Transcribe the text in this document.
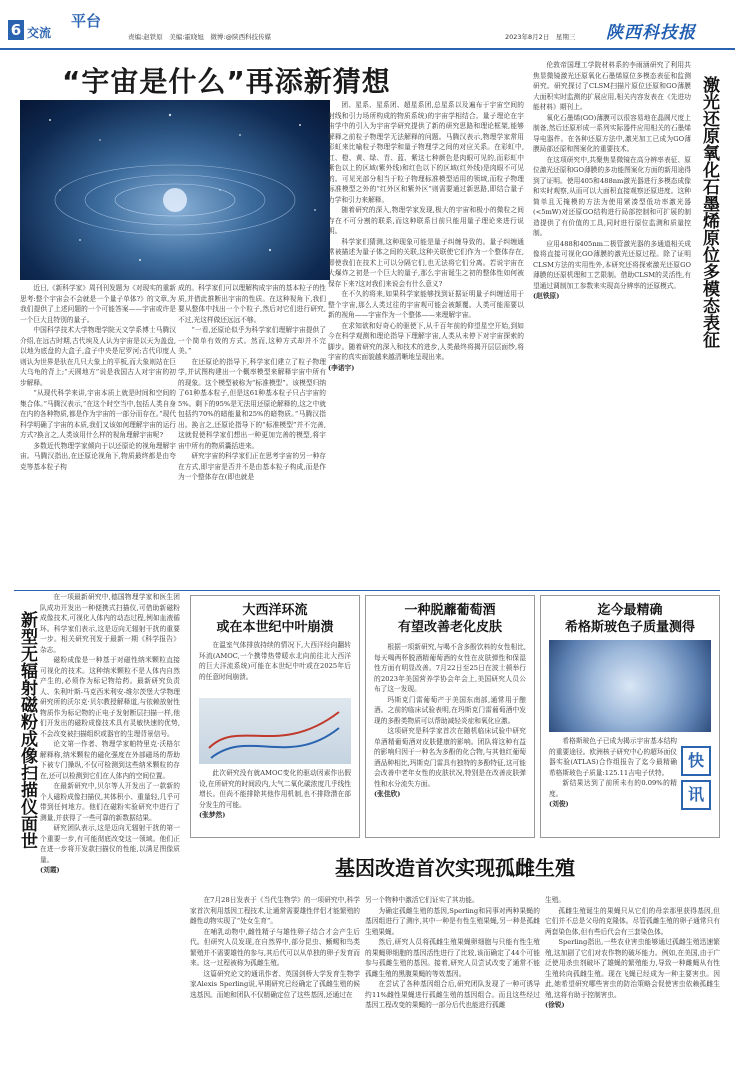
6 交流
平台
责编:赵铁原　美编:霍晓旭　微博:@陕西科技传媒	2023年8月2日　星期三 陕西科技报
“宇宙是什么”再添新猜想

团、星系、星系团、超星系团,总星系以及遍布于宇宙空间的射线和引力场所构成的物质系统)的宇宙学相结合。量子理论在宇宙学中的引入为宇宙学研究提供了新的研究思路和理论框架,能够解释之前粒子物理学无法解释的问题。马腾汉表示,物理学家常用彩虹来比喻粒子物理学和量子物理学之间的对应关系。在彩虹中,红、橙、黄、绿、青、蓝、紫这七种颜色是肉眼可见的,而彩虹中紫色以上的区域(紫外线)和红色以下的区域(红外线)是肉眼不可见的。可见光部分相当于粒子物理标准模型适用的领域,而粒子物理标准模型之外的“红外区和紫外区”则需要通过新思路,即结合量子力学和引力来解释。

随着研究的深入,物理学家发现,极大的宇宙和极小的微粒之间存在不可分割的联系,而这种联系目前只能用量子理论来进行说明。

科学家们猜测,这种现象可能是量子纠缠导致的。量子纠缠通常被描述为量子体之间的关联,这种关联使它们作为一个整体存在,即使我们在技术上可以分隔它们,也无法将它们分离。若说宇宙在大爆炸之初是一个巨大的量子,那么宇宙诞生之初的整体性如何被保存下来?这对我们来说会有什么意义?

在不久的将来,如果科学家能够找到证据证明量子纠缠适用于整个宇宙,那么人类过往的宇宙观可能会被颠覆。人类可能需要以新的视角——宇宙作为一个整体——来理解宇宙。

在求知欲和好奇心的驱使下,从千百年前的仰望星空开始,到如今在科学观测和理论指导下理解宇宙,人类从未停下对宇宙探索的脚步。随着研究的深入和技术的进步,人类最终将揭开层层面纱,将宇宙的真实面貌越来越清晰地呈现出来。

(李诺宇)

近日,《新科学家》周刊刊发题为《对现实的重新思考:整个宇宙会不会就是一个量子单体?》的文章,为我们提供了上述问题的一个可能答案——宇宙或许是一个巨大且特别的量子。

中国科学技术大学物理学院天文学系博士马腾汉介绍,在远古时期,古代埃及人认为宇宙是以天为盖盘,以地为底盘的大盒子,盒子中央是尼罗河;古代印度人则认为世界是驮在几只大象上的平板,而大象则站在巨大乌龟的背上;“天圆地方”说是我国古人对宇宙的初步解释。

“从现代科学来讲,宇宙本质上就是时间和空间的集合体。”马腾汉表示,“在这个时空当中,包括人类自身在内的各种物质,都是作为宇宙的一部分而存在。”现代科学明确了宇宙的本质,我们又该如何理解宇宙的运行方式?换言之,人类该用什么样的视角理解宇宙呢?

多数近代物理学家倾向于以还原论的视角理解宇宙。马腾汉指出,在还原论视角下,物质最终都是由夸克等基本粒子构

成的。科学家们可以理解构成宇宙的基本粒子的性质,并借此推断出宇宙的性质。在这种视角下,我们要从整体中找出一个个粒子,然后对它们进行研究,不过,光这样做还远远不够。

“一看,还原论似乎为科学家们理解宇宙提供了一个简单有效的方式。然而,这种方式却并不完美。”

在还原论的指导下,科学家们建立了粒子物理学,并试图构建出一个概率模型来解释宇宙中所有的现象。这个模型被称为“标准模型”。该模型归纳了61种基本粒子,但是这61种基本粒子只占宇宙的5%。剩下的95%是无法用还原论解释的,这之中就包括约70%的暗能量和25%的暗物质。”马腾汉指出。换言之,还原论指导下的“标准模型”并不完善,这就促使科学家们想出一种更加完善的模型,将宇宙中所有的物质囊括进来。

研究宇宙的科学家们正在思考宇宙的另一种存在方式,即宇宙是否并不是由基本粒子构成,而是作为一个整体存在(即也就是

伦敦帝国理工学院材料系的李雨涵研究了利用共焦显微镜激光还原氧化石墨烯原位多模态表征和监测研究。研究探讨了CLSM扫描片原位还原和GO薄膜大面积实时监测的扩展应用,相关内容发表在《先进功能材料》期刊上。

氧化石墨烯(GO)薄膜可以很容易地在晶圆尺度上制备,然后还原形成一系列实际器件应用相关的石墨烯导电器件。在各种还原方法中,激光加工已成为GO薄膜局部还原和图案化的重要技术。

在这项研究中,共聚焦显微镜在高分辨率表征、原位激光还原和GO薄膜的多功能图案化方面的新用途得到了证明。使用405和488nm激光器进行多模态成像和实时观察,从而可以大面积直接观察还原进度。这种简单且无掩模的方法为使用紧凑型低功率激光器(<5mW)对还原GO结构进行局部控制和可扩展的制造提供了有价值的工具,同时进行原位监测和质量控制。

应用488和405nm二极管激光器的多通道相关成像将直接可视化GO薄膜的激光还原过程。除了证明CLSM方法的实用性外,本研究还将探索激光还原GO薄膜的还原机理和工艺限制。借助CLSM的灵活性,有望通过调制加工参数来实现高分辨率的还原模式。

(赵铁原)	激光还原氧化石墨烯原位多模态表征
新型无辐射磁粉成像扫描仪面世

在一项最新研究中,德国物理学家和医生团队成功开发出一种便携式扫描仪,可借助新磁粉成像技术,可视化人体内的动态过程,例如血液循环。科学家们表示,这是迈向无辐射干扰的重要一步。相关研究刊发于最新一期《科学报告》杂志。

磁粉成像是一种基于对磁性纳米颗粒直接可视化的技术。这种纳米颗粒不是人体内自然产生的,必须作为标记物给药。最新研究负责人、朱利叶斯-马克西米利安-维尔茨堡大学物理研究所的沃尔克·贝尔教授解释道,与依赖放射性物质作为标记物的正电子发射断层扫描一样,他们开发出的磁粉成像技术具有灵敏快速的优势,不会改变被扫描组织或器官的生理背景信号。

论文第一作者、物理学家帕特里克·沃格尔解释称,纳米颗粒的磁化强度在外部磁场的帮助下被专门操纵,不仅可检测到这些纳米颗粒的存在,还可以检测到它们在人体内的空间位置。

在最新研究中,贝尔等人开发出了一款新的个人磁粉成像扫描仪,其体积小、重量轻,几乎可带到任何地方。他们在磁粉实验研究中进行了测量,并获得了一些可靠的新数据结果。

研究团队表示,这是迈向无辐射干扰的第一个重要一步,有可能彻底改变这一领域。他们正在进一步将开发款扫描仪的性能,以满足图像质量。

(刘霞)
大西洋环流
或在本世纪中叶崩溃

在温室气体排放持续的情况下,大西洋经向翻转环流(AMOC,一个携带热带暖水北向前往北大西洋的巨大洋流系统)可能在本世纪中叶或在2025年后的任意时间崩溃。

此次研究没有就AMOC变化的驱动因素作出假设,在所研究的时间段内,大气二氧化碳浓度几乎线性增长。但尚不能排除其他作用机制,也不排除潜在部分发生的可能。

(张梦然)
一种脱蘼葡萄酒
有望改善老化皮肤

根据一项新研究,与喝不含多酚饮料的女性相比,每天喝两杯脱酒精葡萄酒的女性在皮肤弹性和保湿性方面有明显改善。7月22日至25日在波士顿举行的2023年美国营养学协会年会上,美国研究人员公布了这一发现。

玛斯克门雷葡萄产于美国东南部,通常用于酿酒。之前的临床试验表明,在玛斯克门雷葡萄酒中发现的多酚类物质可以帮助减轻炎症和氧化应激。

这项研究是科学家首次在随机临床试验中研究单酒精葡萄酒对皮肤健康的影响。团队将这种有益的影响归因于一种名为多酚的化合物,与其他红葡萄酒品种相比,玛斯克门雷具有独特的多酚特征,这可能会改善中老年女性的皮肤状况,特别是在改善皮肤弹性和水分流失方面。

(张佳欣)
迄今最精确
希格斯玻色子质量测得

希格斯玻色子已成为揭示宇宙基本结构的重要途径。欧洲核子研究中心的超环面仪器实验(ATLAS)合作组报告了迄今最精确希格斯玻色子质量:125.11吉电子伏特。

新结果达到了前所未有的0.09%的精度。

(刘俊)
快
讯
基因改造首次实现孤雌生殖

在7月28日发表于《当代生物学》的一项研究中,科学家首次利用基因工程技术,让通常需要雄性伴侣才能繁殖的雌性动物实现了“处女生育”。

在哺乳动物中,雌性精子与雄性卵子结合才会产生后代。但研究人员发现,在自然界中,部分昆虫、蜥蜴和鸟类繁殖并不需要雄性的参与,其后代可以从单独的卵子发育而来。这一过程被称为孤雌生殖。

这篇研究论文的通讯作者、英国剑桥大学发育生物学家Alexis Sperling说,早期研究已经确定了孤雌生殖的候选基因。而她和团队不仅精确定位了这些基因,还通过在

另一个物种中激活它们证实了其功能。

为确定孤雌生殖的基因,Sperling和同事对两种果蝇的基因组进行了测序,其中一种是有性生殖果蝇,另一种是孤雌生殖果蝇。

然后,研究人员将孤雌生殖果蝇卵细胞与只能有性生殖的果蝇卵细胞的基因活性进行了比较,该而确定了44个可能参与孤雌生殖的基因。接着,研究人员尝试改变了通常不能孤雌生殖的黑腹果蝇的等效基因。

在尝试了各种基因组合后,研究团队发现了一种可诱导约11%雌性果蝇进行孤雌生殖的基因组合。而且这些经过基因工程改变的果蝇的一部分后代也能进行孤雌

生殖。

孤雌生殖诞生的果蝇只从它们的母亲那里获得基因,但它们并不总是父母的克隆体。尽管孤雌生殖的卵子通常只有两套染色体,但有些后代会有三套染色体。

Sperling指出,一些农业害虫能够通过孤雌生殖迅速繁殖,这加剧了它们对农作物的破坏能力。例如,在美国,由于广泛使用杀虫剂破坏了雄蝇的繁殖能力,导致一种雌蝇从有性生殖转向孤雌生殖。现在飞蝇已经成为一种主要害虫。因此,她希望研究哪些害虫的防治策略会促使害虫依赖孤雌生殖,这将有助于控制害虫。

(徐锐)
